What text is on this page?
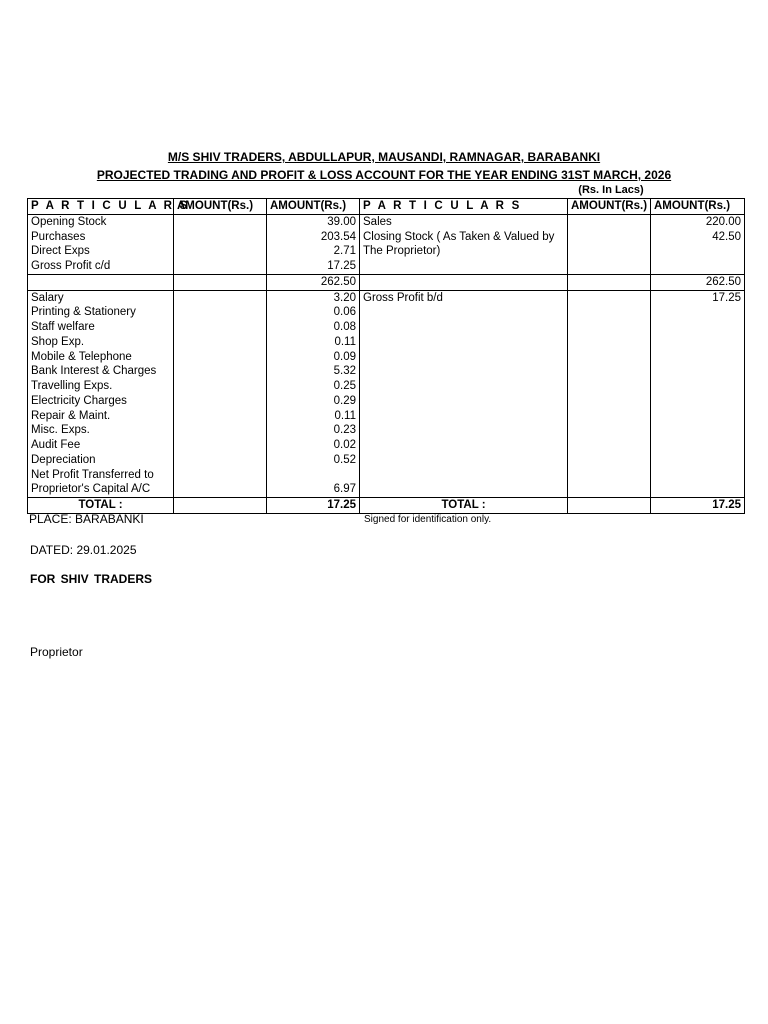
M/S SHIV TRADERS, ABDULLAPUR, MAUSANDI, RAMNAGAR, BARABANKI
PROJECTED TRADING AND PROFIT & LOSS ACCOUNT FOR THE YEAR ENDING 31ST MARCH, 2026
(Rs. In Lacs)
P A R T I C U L A R S	AMOUNT(Rs.)	AMOUNT(Rs.)	P A R T I C U L A R S	AMOUNT(Rs.)	AMOUNT(Rs.)
Opening Stock		39.00	Sales		220.00
Purchases		203.54	Closing Stock ( As Taken & Valued by		42.50
Direct Exps		2.71	The Proprietor)		
Gross Profit c/d		17.25			
		262.50			262.50
Salary		3.20	Gross Profit b/d		17.25
Printing & Stationery		0.06			
Staff welfare		0.08			
Shop Exp.		0.11			
Mobile & Telephone		0.09			
Bank Interest & Charges		5.32			
Travelling Exps.		0.25			
Electricity Charges		0.29			
Repair & Maint.		0.11			
Misc. Exps.		0.23			
Audit Fee		0.02			
Depreciation		0.52			
Net Profit Transferred to					
Proprietor's Capital A/C		6.97			
TOTAL :		17.25	TOTAL :		17.25
PLACE: BARABANKI	Signed for identification only.
DATED: 29.01.2025
FOR SHIV TRADERS
Proprietor
